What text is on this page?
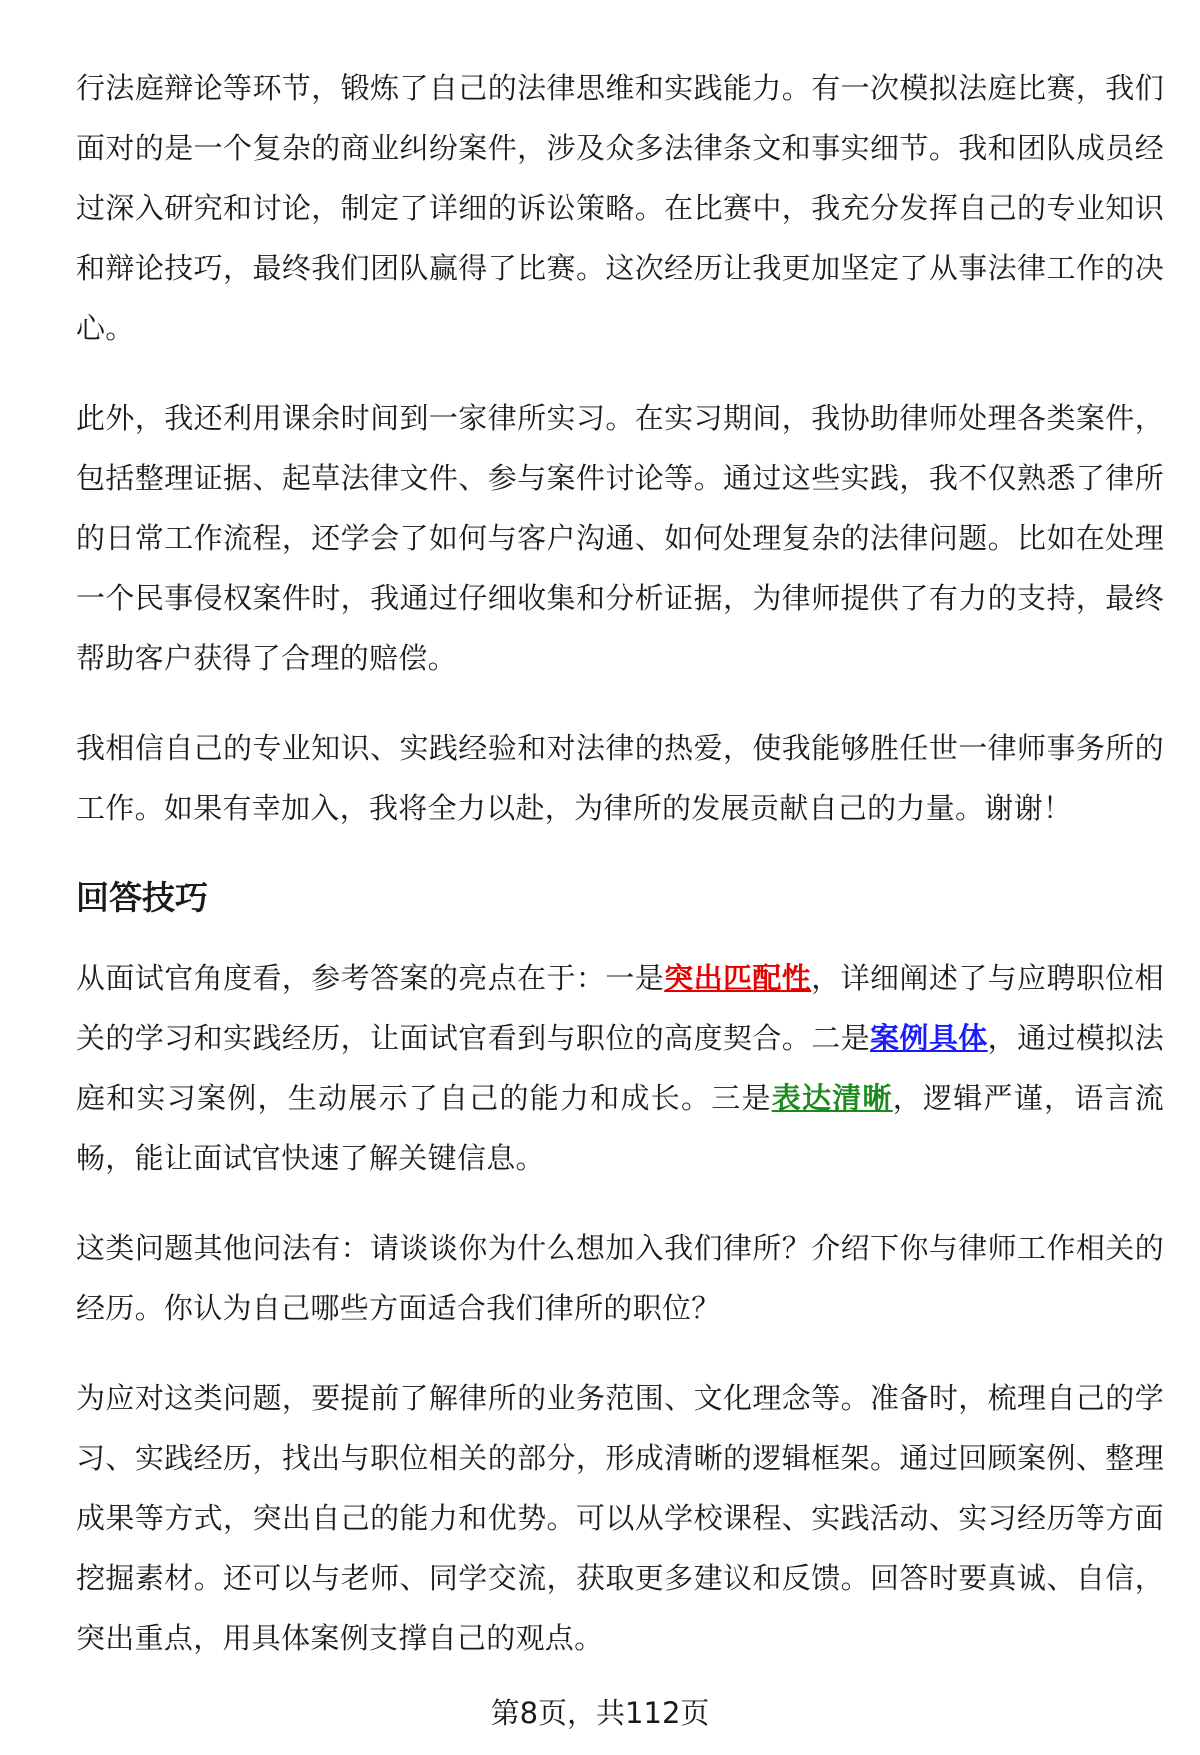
行法庭辩论等环节，锻炼了自己的法律思维和实践能力。有一次模拟法庭比赛，我们面对的是一个复杂的商业纠纷案件，涉及众多法律条文和事实细节。我和团队成员经过深入研究和讨论，制定了详细的诉讼策略。在比赛中，我充分发挥自己的专业知识和辩论技巧，最终我们团队赢得了比赛。这次经历让我更加坚定了从事法律工作的决心。

此外，我还利用课余时间到一家律所实习。在实习期间，我协助律师处理各类案件，包括整理证据、起草法律文件、参与案件讨论等。通过这些实践，我不仅熟悉了律所的日常工作流程，还学会了如何与客户沟通、如何处理复杂的法律问题。比如在处理一个民事侵权案件时，我通过仔细收集和分析证据，为律师提供了有力的支持，最终帮助客户获得了合理的赔偿。

我相信自己的专业知识、实践经验和对法律的热爱，使我能够胜任世一律师事务所的工作。如果有幸加入，我将全力以赴，为律所的发展贡献自己的力量。谢谢！

回答技巧

从面试官角度看，参考答案的亮点在于：一是突出匹配性，详细阐述了与应聘职位相关的学习和实践经历，让面试官看到与职位的高度契合。二是案例具体，通过模拟法庭和实习案例，生动展示了自己的能力和成长。三是表达清晰，逻辑严谨，语言流畅，能让面试官快速了解关键信息。

这类问题其他问法有：请谈谈你为什么想加入我们律所？介绍下你与律师工作相关的经历。你认为自己哪些方面适合我们律所的职位？

为应对这类问题，要提前了解律所的业务范围、文化理念等。准备时，梳理自己的学习、实践经历，找出与职位相关的部分，形成清晰的逻辑框架。通过回顾案例、整理成果等方式，突出自己的能力和优势。可以从学校课程、实践活动、实习经历等方面挖掘素材。还可以与老师、同学交流，获取更多建议和反馈。回答时要真诚、自信，突出重点，用具体案例支撑自己的观点。

第8页，共112页
